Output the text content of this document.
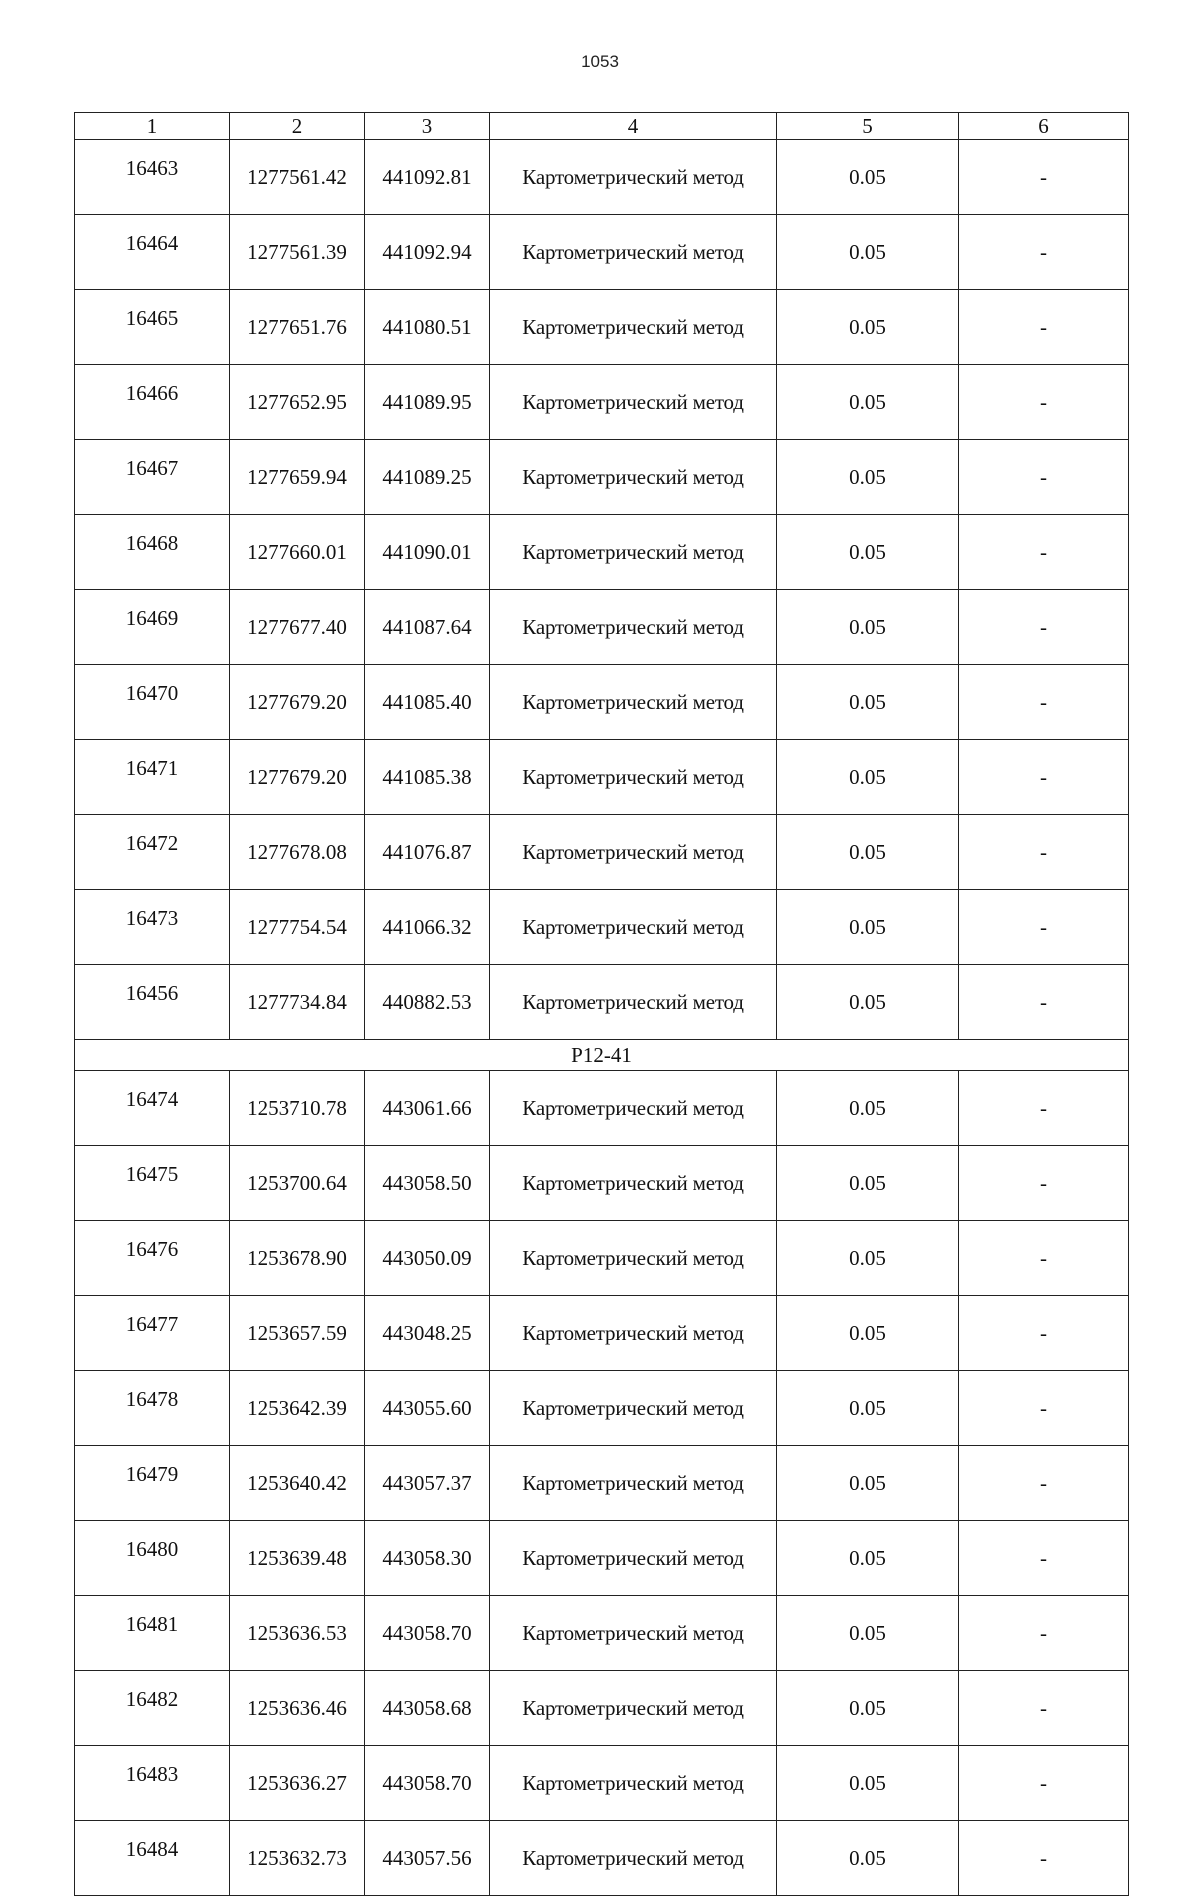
1053
1	2	3	4	5	6
16463	1277561.42	441092.81	Картометрический метод	0.05	-
16464	1277561.39	441092.94	Картометрический метод	0.05	-
16465	1277651.76	441080.51	Картометрический метод	0.05	-
16466	1277652.95	441089.95	Картометрический метод	0.05	-
16467	1277659.94	441089.25	Картометрический метод	0.05	-
16468	1277660.01	441090.01	Картометрический метод	0.05	-
16469	1277677.40	441087.64	Картометрический метод	0.05	-
16470	1277679.20	441085.40	Картометрический метод	0.05	-
16471	1277679.20	441085.38	Картометрический метод	0.05	-
16472	1277678.08	441076.87	Картометрический метод	0.05	-
16473	1277754.54	441066.32	Картометрический метод	0.05	-
16456	1277734.84	440882.53	Картометрический метод	0.05	-
Р12-41					
16474	1253710.78	443061.66	Картометрический метод	0.05	-
16475	1253700.64	443058.50	Картометрический метод	0.05	-
16476	1253678.90	443050.09	Картометрический метод	0.05	-
16477	1253657.59	443048.25	Картометрический метод	0.05	-
16478	1253642.39	443055.60	Картометрический метод	0.05	-
16479	1253640.42	443057.37	Картометрический метод	0.05	-
16480	1253639.48	443058.30	Картометрический метод	0.05	-
16481	1253636.53	443058.70	Картометрический метод	0.05	-
16482	1253636.46	443058.68	Картометрический метод	0.05	-
16483	1253636.27	443058.70	Картометрический метод	0.05	-
16484	1253632.73	443057.56	Картометрический метод	0.05	-
